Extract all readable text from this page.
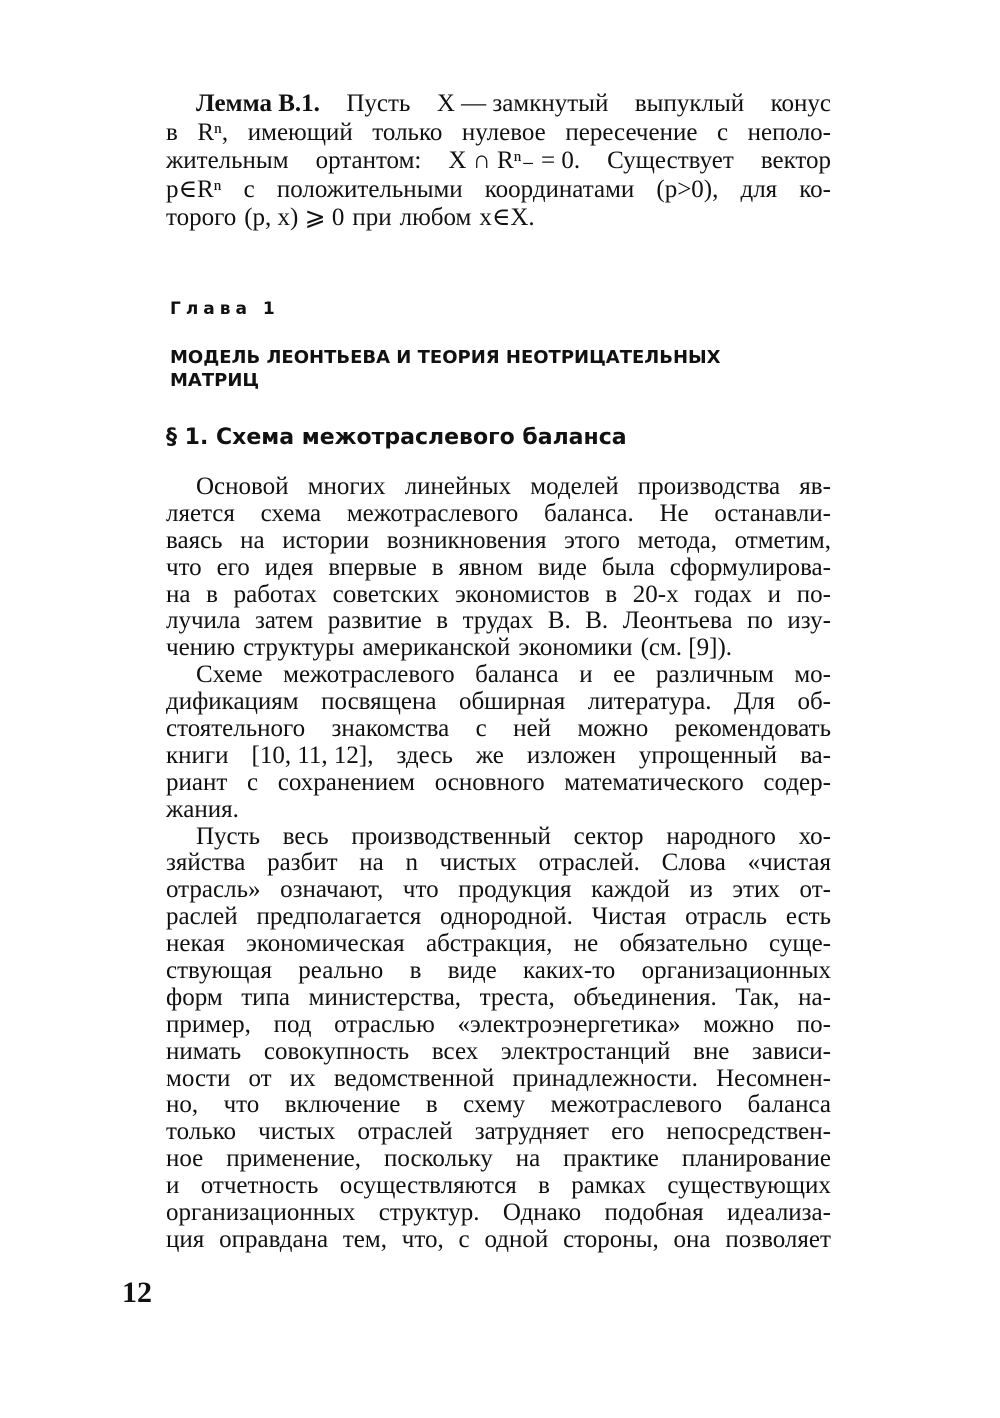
Лемма В.1. Пусть X — замкнутый выпуклый конус
в Rⁿ, имеющий только нулевое пересечение с неполо-
жительным ортантом: X ∩ Rⁿ₋ = 0. Существует вектор
p∈Rⁿ с положительными координатами (p>0), для ко-
торого (p, x) ⩾ 0 при любом x∈X.
Глава 1
МОДЕЛЬ ЛЕОНТЬЕВА И ТЕОРИЯ НЕОТРИЦАТЕЛЬНЫХ МАТРИЦ
§ 1. Схема межотраслевого баланса
Основой многих линейных моделей производства яв-
ляется схема межотраслевого баланса. Не останавли-
ваясь на истории возникновения этого метода, отметим,
что его идея впервые в явном виде была сформулирова-
на в работах советских экономистов в 20-х годах и по-
лучила затем развитие в трудах В. В. Леонтьева по изу-
чению структуры американской экономики (см. [9]).
Схеме межотраслевого баланса и ее различным мо-
дификациям посвящена обширная литература. Для об-
стоятельного знакомства с ней можно рекомендовать
книги [10, 11, 12], здесь же изложен упрощенный ва-
риант с сохранением основного математического содер-
жания.
Пусть весь производственный сектор народного хо-
зяйства разбит на n чистых отраслей. Слова «чистая
отрасль» означают, что продукция каждой из этих от-
раслей предполагается однородной. Чистая отрасль есть
некая экономическая абстракция, не обязательно суще-
ствующая реально в виде каких-то организационных
форм типа министерства, треста, объединения. Так, на-
пример, под отраслью «электроэнергетика» можно по-
нимать совокупность всех электростанций вне зависи-
мости от их ведомственной принадлежности. Несомнен-
но, что включение в схему межотраслевого баланса
только чистых отраслей затрудняет его непосредствен-
ное применение, поскольку на практике планирование
и отчетность осуществляются в рамках существующих
организационных структур. Однако подобная идеализа-
ция оправдана тем, что, с одной стороны, она позволяет
12
